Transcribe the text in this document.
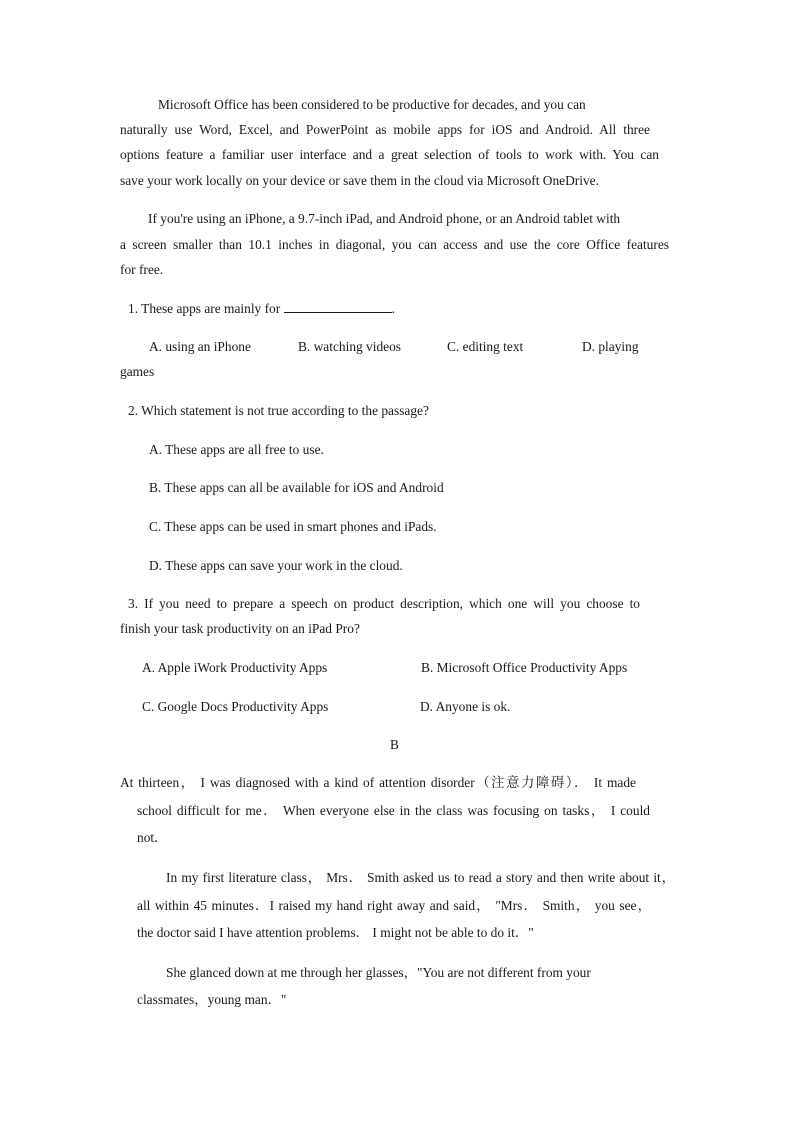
Microsoft Office has been considered to be productive for decades, and you can
naturally use Word, Excel, and PowerPoint as mobile apps for iOS and Android. All three
options feature a familiar user interface and a great selection of tools to work with. You can
save your work locally on your device or save them in the cloud via Microsoft OneDrive.
If you're using an iPhone, a 9.7-inch iPad, and Android phone, or an Android tablet with
a screen smaller than 10.1 inches in diagonal, you can access and use the core Office features
for free.
1. These apps are mainly for	.
A. using an iPhone	B. watching videos	C. editing text	D. playing
games
2. Which statement is not true according to the passage?
A. These apps are all free to use.
B. These apps can all be available for iOS and Android
C. These apps can be used in smart phones and iPads.
D. These apps can save your work in the cloud.
3. If you need to prepare a speech on product description, which one will you choose to
finish your task productivity on an iPad Pro?
A. Apple iWork Productivity Apps	B. Microsoft Office Productivity Apps
C. Google Docs Productivity Apps	D. Anyone is ok.
B
At thirteen， I was diagnosed with a kind of attention disorder（注意力障碍）． It made
school difficult for me． When everyone else in the class was focusing on tasks， I could
not．
In my first literature class， Mrs． Smith asked us to read a story and then write about it，
all within 45 minutes．I raised my hand right away and said， "Mrs． Smith， you see，
the doctor said I have attention problems． I might not be able to do it．"
She glanced down at me through her glasses，"You are not different from your
classmates，young man．"
